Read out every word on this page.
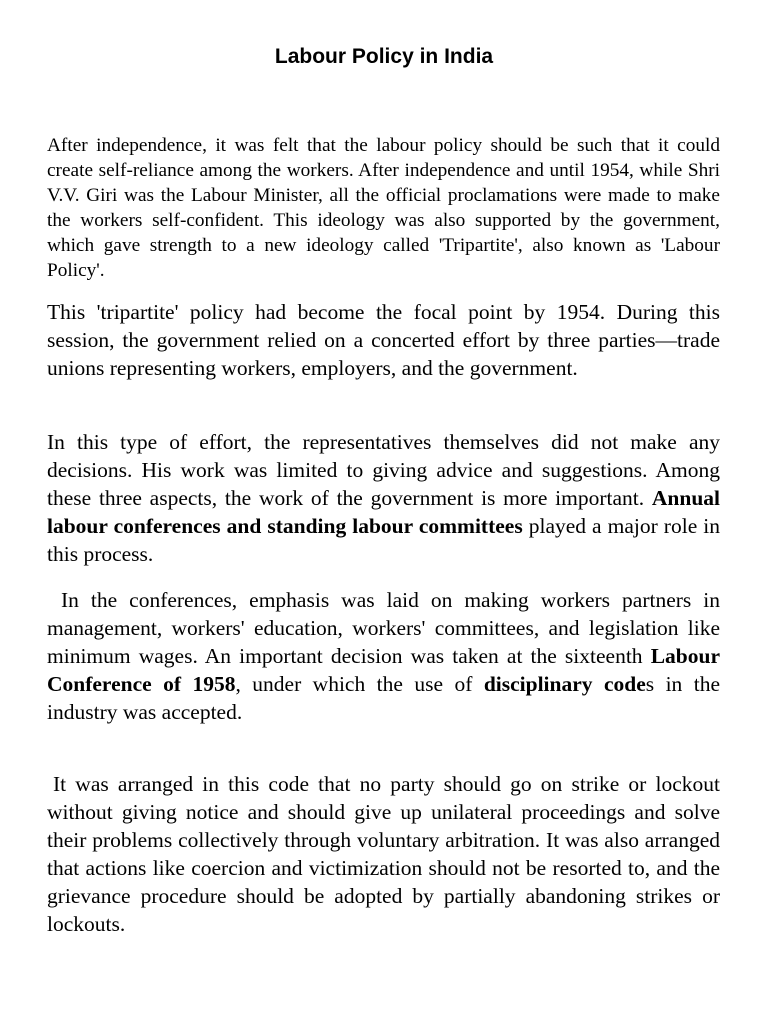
Labour Policy in India

After independence, it was felt that the labour policy should be such that it could create self-reliance among the workers. After independence and until 1954, while Shri V.V. Giri was the Labour Minister, all the official proclamations were made to make the workers self-confident. This ideology was also supported by the government, which gave strength to a new ideology called 'Tripartite', also known as 'Labour Policy'.

This 'tripartite' policy had become the focal point by 1954. During this session, the government relied on a concerted effort by three parties—trade unions representing workers, employers, and the government.

In this type of effort, the representatives themselves did not make any decisions. His work was limited to giving advice and suggestions. Among these three aspects, the work of the government is more important. Annual labour conferences and standing labour committees played a major role in this process.

In the conferences, emphasis was laid on making workers partners in management, workers' education, workers' committees, and legislation like minimum wages. An important decision was taken at the sixteenth Labour Conference of 1958, under which the use of disciplinary codes in the industry was accepted.

It was arranged in this code that no party should go on strike or lockout without giving notice and should give up unilateral proceedings and solve their problems collectively through voluntary arbitration. It was also arranged that actions like coercion and victimization should not be resorted to, and the grievance procedure should be adopted by partially abandoning strikes or lockouts.
